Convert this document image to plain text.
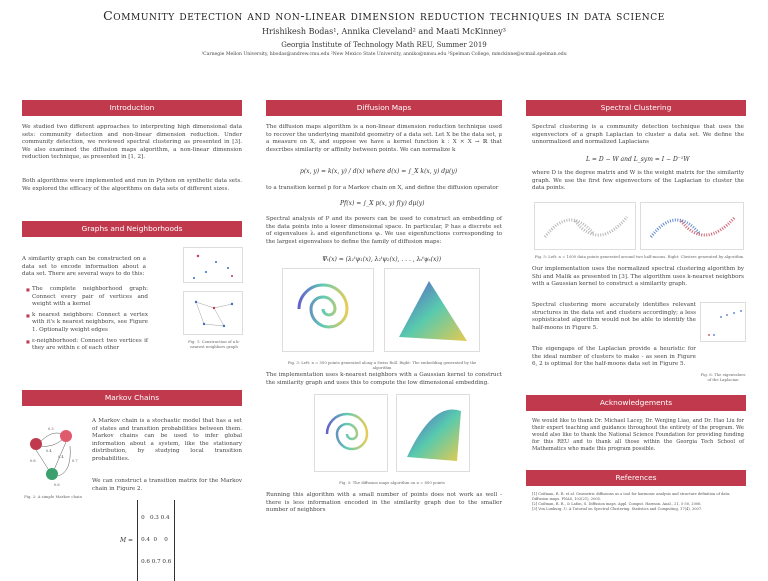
Community detection and non-linear dimension reduction techniques in data science
Hrishikesh Bodas¹, Annika Cleveland² and Maati McKinney³
Georgia Institute of Technology Math REU, Summer 2019
¹Carnegie Mellon University, hbodas@andrew.cmu.edu ²New Mexico State University, anniko@nmsu.edu ³Spelman College, mmckinne@scmail.spelman.edu
Introduction
We studied two different approaches to interpreting high dimensional data sets: community detection and non-linear dimension reduction. Under community detection, we reviewed spectral clustering as presented in [3]. We also examined the diffusion maps algorithm, a non-linear dimension reduction technique, as presented in [1, 2].
Both algorithms were implemented and run in Python on synthetic data sets. We explored the efficacy of the algorithms on data sets of different sizes.
Graphs and Neighborhoods
A similarity graph can be constructed on a data set to encode information about a data set. There are several ways to do this:
■ The complete neighborhood graph: Connect every pair of vertices and weight with a kernel
■ k nearest neighbors: Connect a vertex with it's k nearest neighbors, see Figure 1. Optionally weight edges
■ ε-neighborhood: Connect two vertices if they are within ε of each other
Fig. 1: Construction of a k-nearest neighbors graph
Markov Chains
0.3
0.4
0.7
0.6
0.4
0.6
Fig. 2: A simple Markov chain
A Markov chain is a stochastic model that has a set of states and transition probabilities between them. Markov chains can be used to infer global information about a system, like the stationary distribution, by studying local transition probabilities.
We can construct a transition matrix for the Markov chain in Figure 2.
M =

0   0.3 0.4

0.4  0    0

0.6 0.7 0.6

Diffusion Maps
The diffusion maps algorithm is a non-linear dimension reduction technique used to recover the underlying manifold geometry of a data set. Let X be the data set, μ a measure on X, and suppose we have a kernel function k : X × X → ℝ that describes similarity or affinity between points. We can normalize k
p(x, y) = k(x, y) / d(x) where d(x) = ∫_X k(x, y) dμ(y)
to a transition kernel p for a Markov chain on X, and define the diffusion operator
Pf(x) = ∫_X p(x, y) f(y) dμ(y)
Spectral analysis of P and its powers can be used to construct an embedding of the data points into a lower dimensional space. In particular, P has a discrete set of eigenvalues λᵢ and eigenfunctions ψᵢ. We use eigenfunctions corresponding to the largest eigenvalues to define the family of diffusion maps:
Ψₜ(x) = (λ₁ᵗψ₁(x), λ₂ᵗψ₂(x), . . . , λₛᵗψₛ(x))
Fig. 3: Left: n = 500 points generated along a Swiss Roll. Right: The embedding generated by the algorithm
The implementation uses k-nearest neighbors with a Gaussian kernel to construct the similarity graph and uses this to compute the low dimensional embedding.
Fig. 5: The diffusion maps algorithm on n = 800 points
Running this algorithm with a small number of points does not work as well - there is less information encoded in the similarity graph due to the smaller number of neighbors
Spectral Clustering
Spectral clustering is a community detection technique that uses the eigenvectors of a graph Laplacian to cluster a data set. We define the unnormalized and normalized Laplacians
L = D − W and L_sym = I − D⁻¹W
where D is the degree matrix and W is the weight matrix for the similarity graph. We use the first few eigenvectors of the Laplacian to cluster the data points.
Fig. 5: Left: n = 1000 data points generated around two half-moons. Right: Clusters generated by algorithm
Our implementation uses the normalized spectral clustering algorithm by Shi and Malik as presented in [3]. The algorithm uses k-nearest neighbors with a Gaussian kernel to construct a similarity graph.
Spectral clustering more accurately identifies relevant structures in the data set and clusters accordingly; a less sophisticated algorithm would not be able to identify the half-moons in Figure 5.
The eigengaps of the Laplacian provide a heuristic for the ideal number of clusters to make - as seen in Figure 6, 2 is optimal for the half-moons data set in Figure 5.
Fig. 6: The eigenvalues of the Laplacian
Acknowledgements
We would like to thank Dr. Michael Lacey, Dr. Wenjing Liao, and Dr. Hao Liu for their expert teaching and guidance throughout the entirety of the program. We would also like to thank the National Science Foundation for providing funding for this REU and to thank all those within the Georgia Tech School of Mathematics who made this program possible.
References
[1] Coifman, R. R. et al. Geometric diffusions as a tool for harmonic analysis and structure definition of data: Diffusion maps. PNAS, 102(21), 2005.
[2] Coifman, R. R., & Lafon, S. Diffusion maps. Appl. Comput. Harmon. Anal., 21, 5-30, 2006.
[3] Von Luxburg, U. A Tutorial on Spectral Clustering. Statistics and Computing, 17(4), 2007.
